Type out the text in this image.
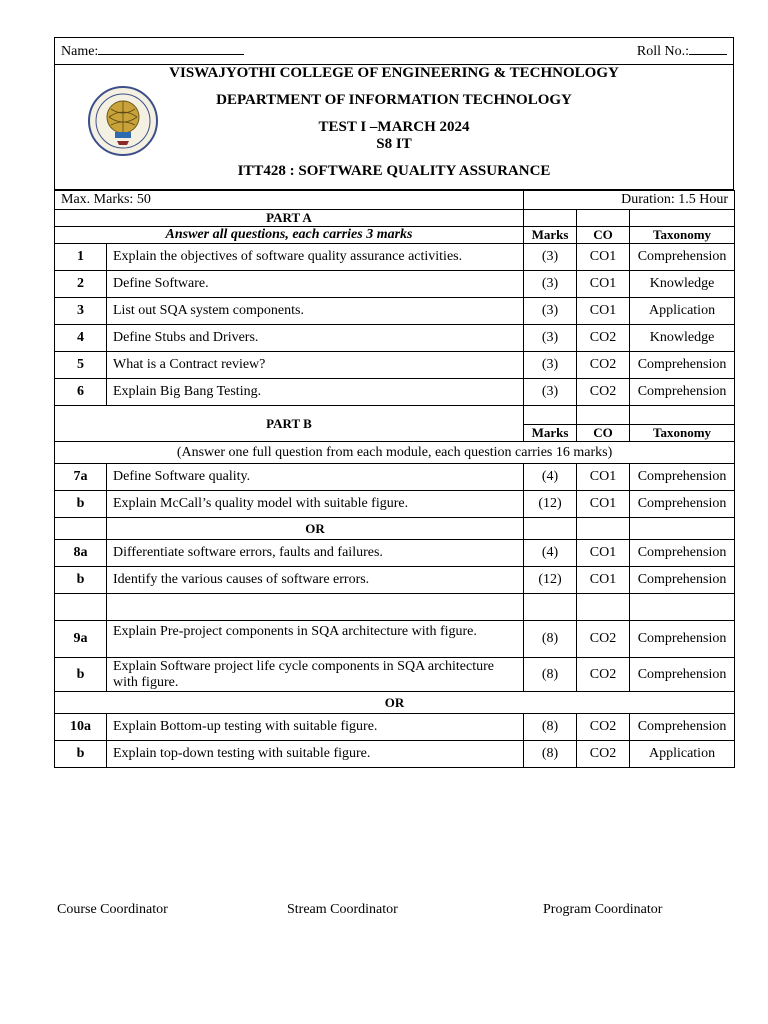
Name:	Roll No.:

VISWAJYOTHI COLLEGE OF ENGINEERING & TECHNOLOGY
DEPARTMENT OF INFORMATION TECHNOLOGY
TEST I –MARCH 2024
S8 IT
ITT428 : SOFTWARE QUALITY ASSURANCE
Max. Marks: 50		Duration: 1.5 Hour		
PART A				
Answer all questions, each carries 3 marks		Marks	CO	Taxonomy
1	Explain the objectives of software quality assurance activities.	(3)	CO1	Comprehension
2	Define Software.	(3)	CO1	Knowledge
3	List out SQA system components.	(3)	CO1	Application
4	Define Stubs and Drivers.	(3)	CO2	Knowledge
5	What is a Contract review?	(3)	CO2	Comprehension
6	Explain Big Bang Testing.	(3)	CO2	Comprehension
PART B				
		Marks	CO	Taxonomy
(Answer one full question from each module, each question carries 16 marks)				
7a	Define Software quality.	(4)	CO1	Comprehension
b	Explain McCall’s quality model with suitable figure.	(12)	CO1	Comprehension
	OR			
8a	Differentiate software errors, faults and failures.	(4)	CO1	Comprehension
b	Identify the various causes of software errors.	(12)	CO1	Comprehension

9a	Explain Pre-project components in SQA architecture with figure.	(8)	CO2	Comprehension
b	Explain Software project life cycle components in SQA architecture with figure.	(8)	CO2	Comprehension
OR				
10a	Explain Bottom-up testing with suitable figure.	(8)	CO2	Comprehension
b	Explain top-down testing with suitable figure.	(8)	CO2	Application
Course Coordinator	Stream Coordinator	Program Coordinator
